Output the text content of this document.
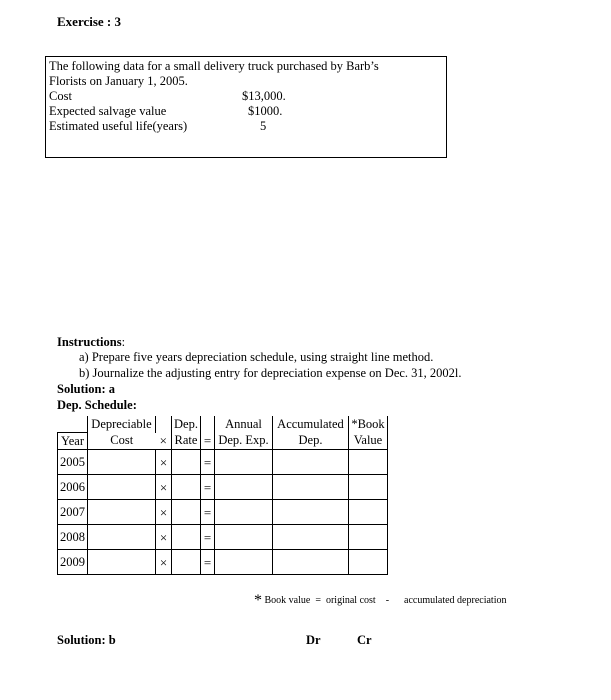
Exercise : 3
The following data for a small delivery truck purchased by Barb’s
Florists on January 1, 2005.
Cost	$13,000.
Expected salvage value	$1000.
Estimated useful life(years)	5
Instructions:
a) Prepare five years depreciation schedule, using straight line method.
b) Journalize the adjusting entry for depreciation expense on Dec. 31, 2002l.
Solution: a
Dep. Schedule:
	Depreciable		Dep.		Annual	Accumulated	*Book
Year	Cost	×	Rate	=	Dep. Exp.	Dep.	Value
2005		×		=			
2006		×		=			
2007		×		=			
2008		×		=			
2009		×		=			
* Book value = original cost - accumulated depreciation
Solution: b	Dr	Cr
